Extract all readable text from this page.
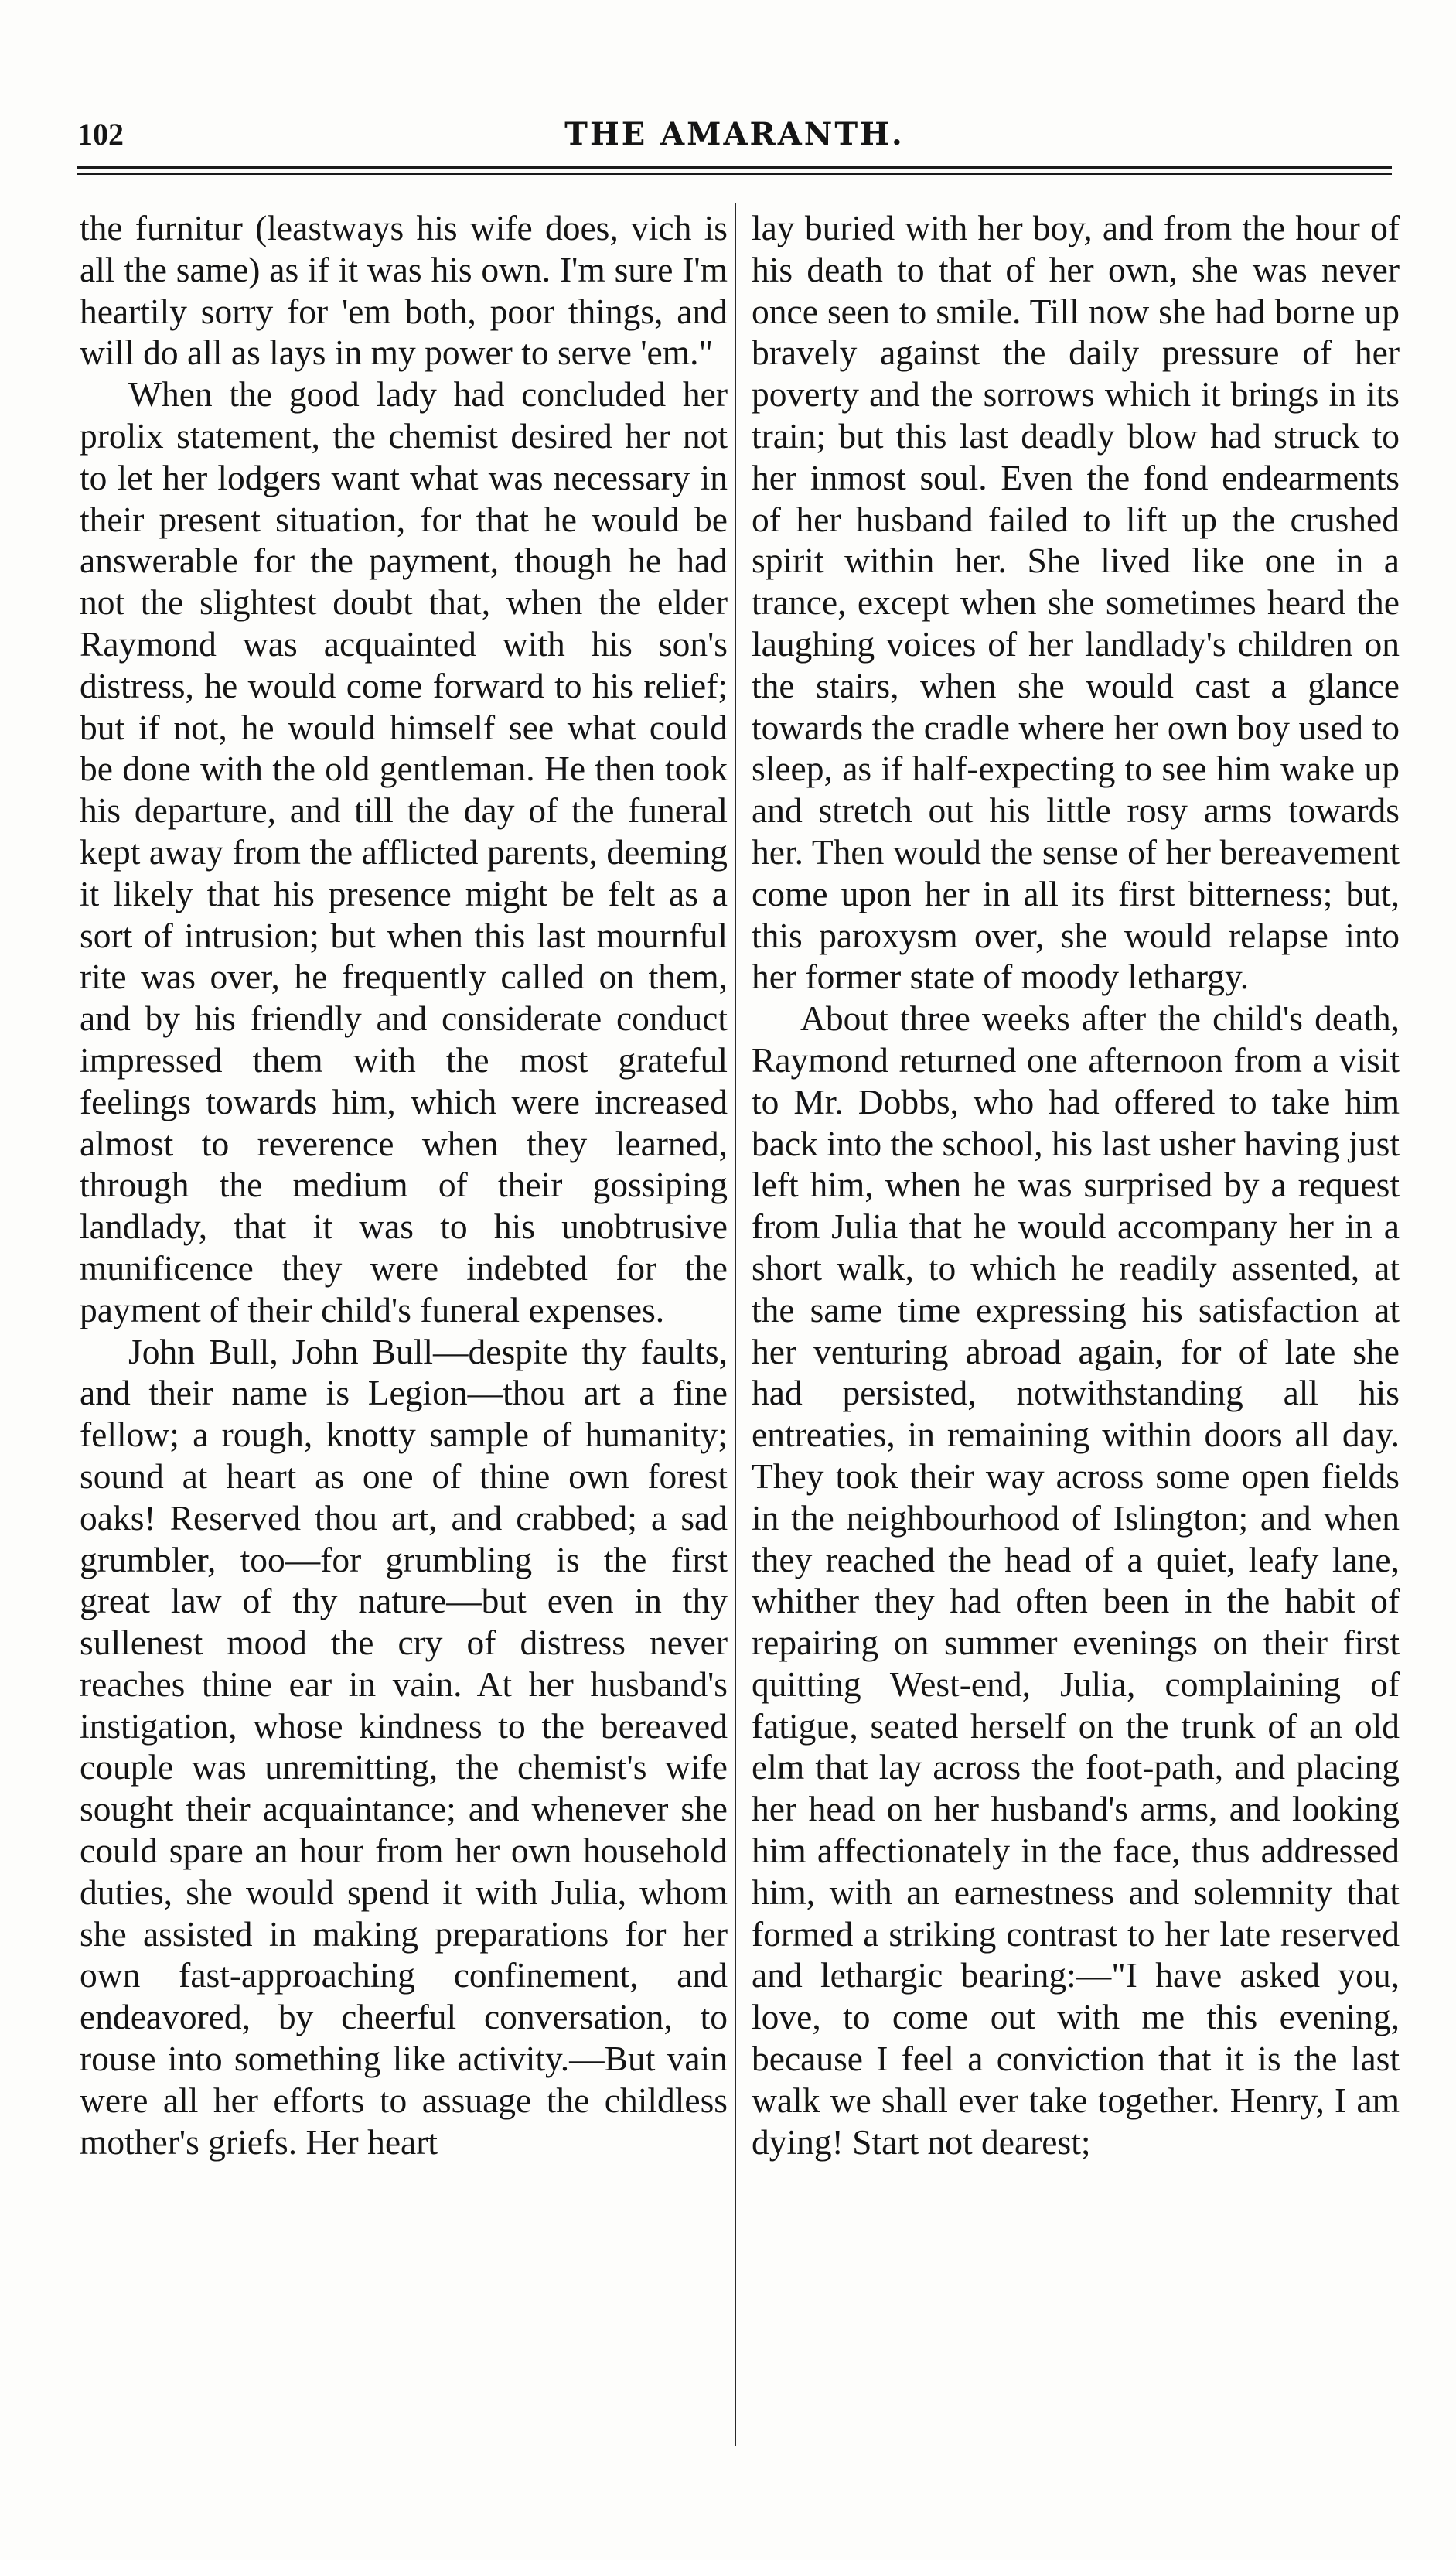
102	THE AMARANTH.

the furnitur (leastways his wife does, vich is all the same) as if it was his own. I'm sure I'm heartily sorry for 'em both, poor things, and will do all as lays in my power to serve 'em."

When the good lady had concluded her prolix statement, the chemist desired her not to let her lodgers want what was necessary in their present situation, for that he would be answerable for the payment, though he had not the slightest doubt that, when the elder Raymond was acquainted with his son's distress, he would come forward to his relief; but if not, he would himself see what could be done with the old gentleman. He then took his departure, and till the day of the funeral kept away from the afflicted parents, deeming it likely that his presence might be felt as a sort of intrusion; but when this last mournful rite was over, he frequently called on them, and by his friendly and considerate conduct impressed them with the most grateful feelings towards him, which were increased almost to reverence when they learned, through the medium of their gossiping landlady, that it was to his unobtrusive munificence they were indebted for the payment of their child's funeral expenses.

John Bull, John Bull—despite thy faults, and their name is Legion—thou art a fine fellow; a rough, knotty sample of humanity; sound at heart as one of thine own forest oaks! Reserved thou art, and crabbed; a sad grumbler, too—for grumbling is the first great law of thy nature—but even in thy sullenest mood the cry of distress never reaches thine ear in vain. At her husband's instigation, whose kindness to the bereaved couple was unremitting, the chemist's wife sought their acquaintance; and whenever she could spare an hour from her own household duties, she would spend it with Julia, whom she assisted in making preparations for her own fast-approaching confinement, and endeavored, by cheerful conversation, to rouse into something like activity.—But vain were all her efforts to assuage the childless mother's griefs. Her heart

lay buried with her boy, and from the hour of his death to that of her own, she was never once seen to smile. Till now she had borne up bravely against the daily pressure of her poverty and the sorrows which it brings in its train; but this last deadly blow had struck to her inmost soul. Even the fond endearments of her husband failed to lift up the crushed spirit within her. She lived like one in a trance, except when she sometimes heard the laughing voices of her landlady's children on the stairs, when she would cast a glance towards the cradle where her own boy used to sleep, as if half-expecting to see him wake up and stretch out his little rosy arms towards her. Then would the sense of her bereavement come upon her in all its first bitterness; but, this paroxysm over, she would relapse into her former state of moody lethargy.

About three weeks after the child's death, Raymond returned one afternoon from a visit to Mr. Dobbs, who had offered to take him back into the school, his last usher having just left him, when he was surprised by a request from Julia that he would accompany her in a short walk, to which he readily assented, at the same time expressing his satisfaction at her venturing abroad again, for of late she had persisted, notwithstanding all his entreaties, in remaining within doors all day. They took their way across some open fields in the neighbourhood of Islington; and when they reached the head of a quiet, leafy lane, whither they had often been in the habit of repairing on summer evenings on their first quitting West-end, Julia, complaining of fatigue, seated herself on the trunk of an old elm that lay across the foot-path, and placing her head on her husband's arms, and looking him affectionately in the face, thus addressed him, with an earnestness and solemnity that formed a striking contrast to her late reserved and lethargic bearing:—"I have asked you, love, to come out with me this evening, because I feel a conviction that it is the last walk we shall ever take together. Henry, I am dying! Start not dearest;
